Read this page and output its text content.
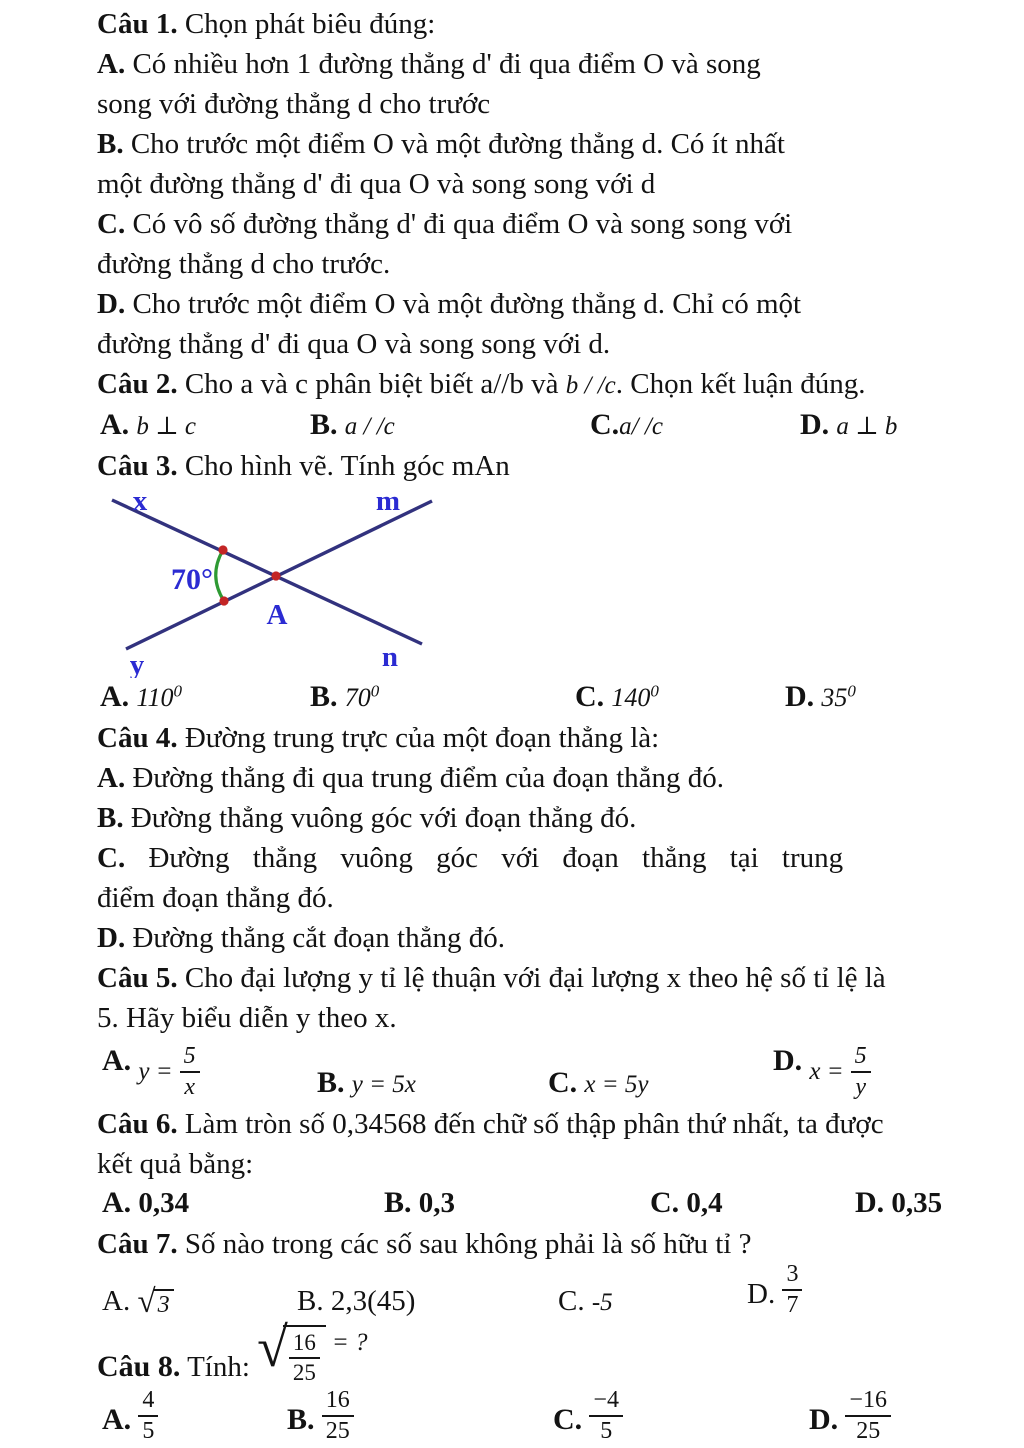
Câu 1. Chọn phát biêu đúng:
A. Có nhiều hơn 1 đường thẳng d' đi qua điểm O và song
song với đường thẳng d cho trước
B. Cho trước một điểm O và một đường thẳng d. Có ít nhất
một đường thẳng d' đi qua O và song song với d
C. Có vô số đường thẳng d' đi qua điểm O và song song với
đường thẳng d cho trước.
D. Cho trước một điểm O và một đường thẳng d. Chỉ có một
đường thẳng d' đi qua O và song song với d.
Câu 2. Cho a và c phân biệt biết a//b và b / /c. Chọn kết luận đúng.
A. b ⊥ c	B. a / /c	C.a/ /c	D. a ⊥ b
Câu 3. Cho hình vẽ. Tính góc mAn
x	m
y	n
A
70°
A. $110^0$	B. $70^0$	C. $140^0$	D. $35^0$
Câu 4. Đường trung trực của một đoạn thẳng là:
A. Đường thẳng đi qua trung điểm của đoạn thẳng đó.
B. Đường thẳng vuông góc với đoạn thẳng đó.
C. Đường thẳng vuông góc với đoạn thẳng tại trung
điểm đoạn thẳng đó.
D. Đường thẳng cắt đoạn thẳng đó.
Câu 5. Cho đại lượng y tỉ lệ thuận với đại lượng x theo hệ số tỉ lệ là
5. Hãy biểu diễn y theo x.
A. $y = \frac{5}{x}$	B. y = 5x	C. x = 5y
D. $x = \frac{5}{y}$
Câu 6. Làm tròn số 0,34568 đến chữ số thập phân thứ nhất, ta được
kết quả bằng:
A. 0,34	B. 0,3	C. 0,4	D. 0,35
Câu 7. Số nào trong các số sau không phải là số hữu tỉ ?
A. √ 3	B. 2,3(45)	C. -5	D. $\frac{3}{7}$
Câu 8. Tính: √ $\frac{16}{25}$ = ?
A. $\frac{4}{5}$	B. $\frac{16}{25}$	C. $\frac{-4}{5}$	D. $\frac{-16}{25}$
